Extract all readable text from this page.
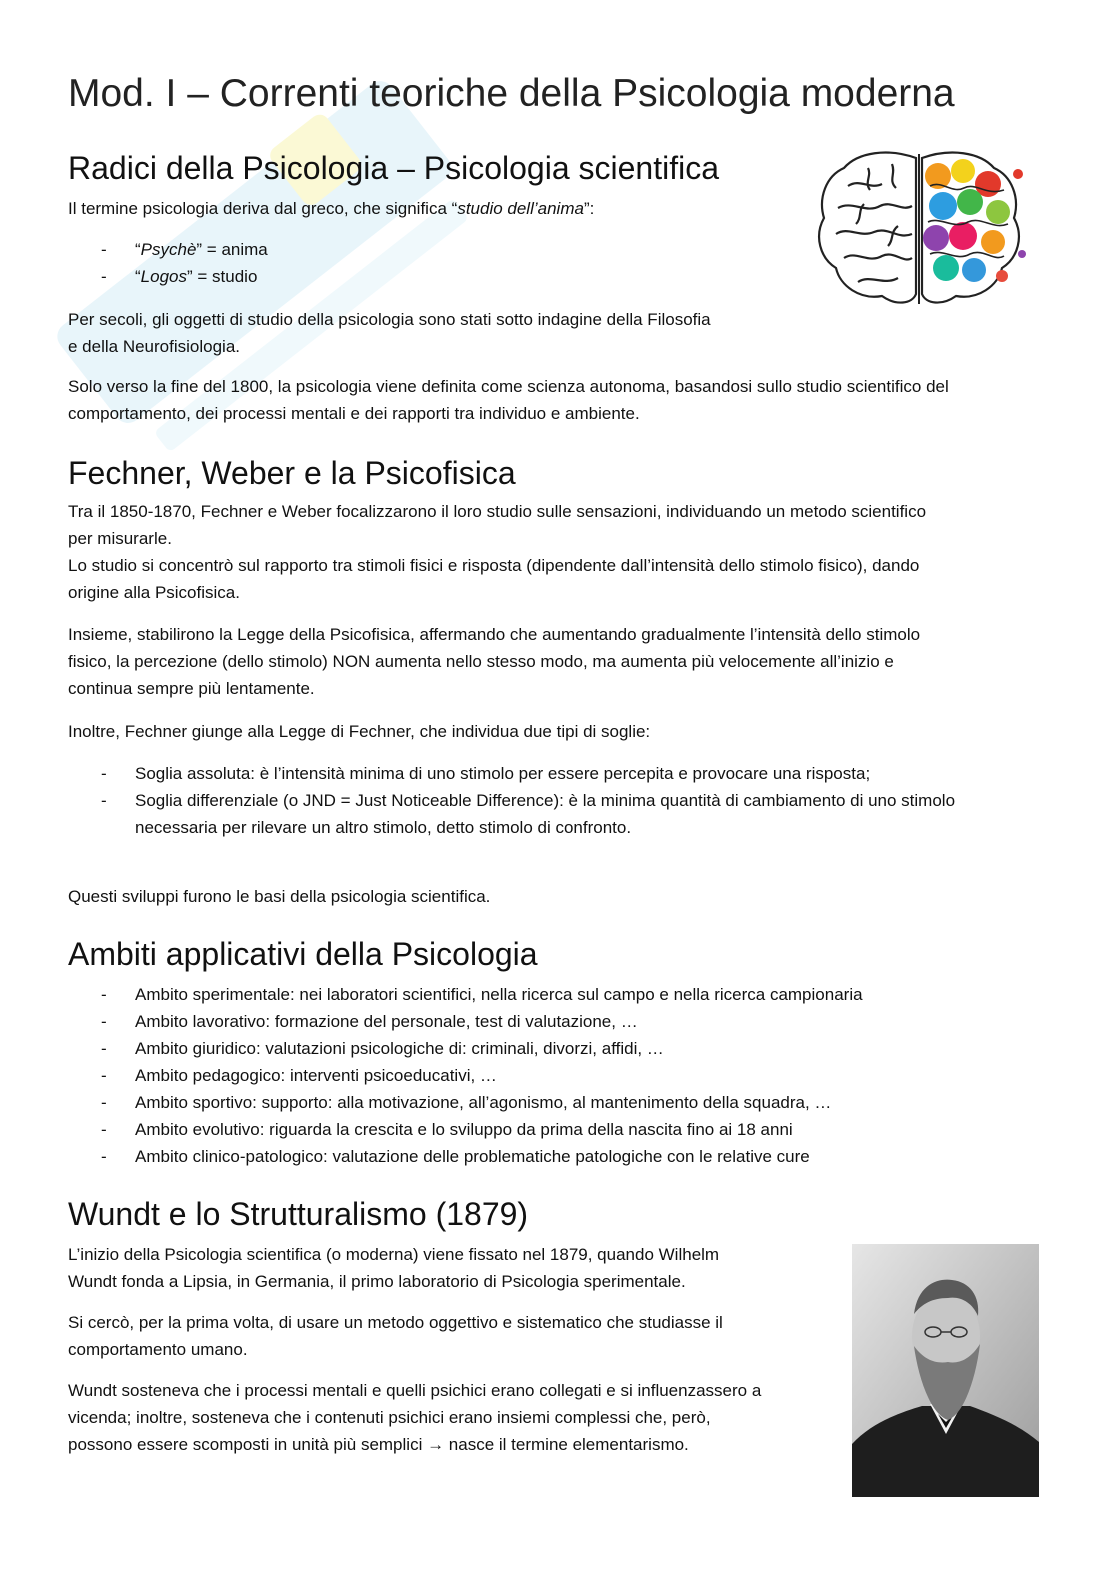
Mod. I – Correnti teoriche della Psicologia moderna
Radici della Psicologia – Psicologia scientifica

Il termine psicologia deriva dal greco, che significa “studio dell’anima”:

- “Psychè” = anima
- “Logos” = studio

Per secoli, gli oggetti di studio della psicologia sono stati sotto indagine della Filosofia
e della Neurofisiologia.

Solo verso la fine del 1800, la psicologia viene definita come scienza autonoma, basandosi sullo studio scientifico del
comportamento, dei processi mentali e dei rapporti tra individuo e ambiente.

Fechner, Weber e la Psicofisica

Tra il 1850-1870, Fechner e Weber focalizzarono il loro studio sulle sensazioni, individuando un metodo scientifico
per misurarle.
Lo studio si concentrò sul rapporto tra stimoli fisici e risposta (dipendente dall’intensità dello stimolo fisico), dando
origine alla Psicofisica.

Insieme, stabilirono la Legge della Psicofisica, affermando che aumentando gradualmente l’intensità dello stimolo
fisico, la percezione (dello stimolo) NON aumenta nello stesso modo, ma aumenta più velocemente all’inizio e
continua sempre più lentamente.

Inoltre, Fechner giunge alla Legge di Fechner, che individua due tipi di soglie:

- Soglia assoluta: è l’intensità minima di uno stimolo per essere percepita e provocare una risposta;
- Soglia differenziale (o JND = Just Noticeable Difference): è la minima quantità di cambiamento di uno stimolo
necessaria per rilevare un altro stimolo, detto stimolo di confronto.

Questi sviluppi furono le basi della psicologia scientifica.

Ambiti applicativi della Psicologia
- Ambito sperimentale: nei laboratori scientifici, nella ricerca sul campo e nella ricerca campionaria
- Ambito lavorativo: formazione del personale, test di valutazione, …
- Ambito giuridico: valutazioni psicologiche di: criminali, divorzi, affidi, …
- Ambito pedagogico: interventi psicoeducativi, …
- Ambito sportivo: supporto: alla motivazione, all’agonismo, al mantenimento della squadra, …
- Ambito evolutivo: riguarda la crescita e lo sviluppo da prima della nascita fino ai 18 anni
- Ambito clinico-patologico: valutazione delle problematiche patologiche con le relative cure
Wundt e lo Strutturalismo (1879)

L’inizio della Psicologia scientifica (o moderna) viene fissato nel 1879, quando Wilhelm
Wundt fonda a Lipsia, in Germania, il primo laboratorio di Psicologia sperimentale.

Si cercò, per la prima volta, di usare un metodo oggettivo e sistematico che studiasse il
comportamento umano.

Wundt sosteneva che i processi mentali e quelli psichici erano collegati e si influenzassero a
vicenda; inoltre, sosteneva che i contenuti psichici erano insiemi complessi che, però,
possono essere scomposti in unità più semplici → nasce il termine elementarismo.
